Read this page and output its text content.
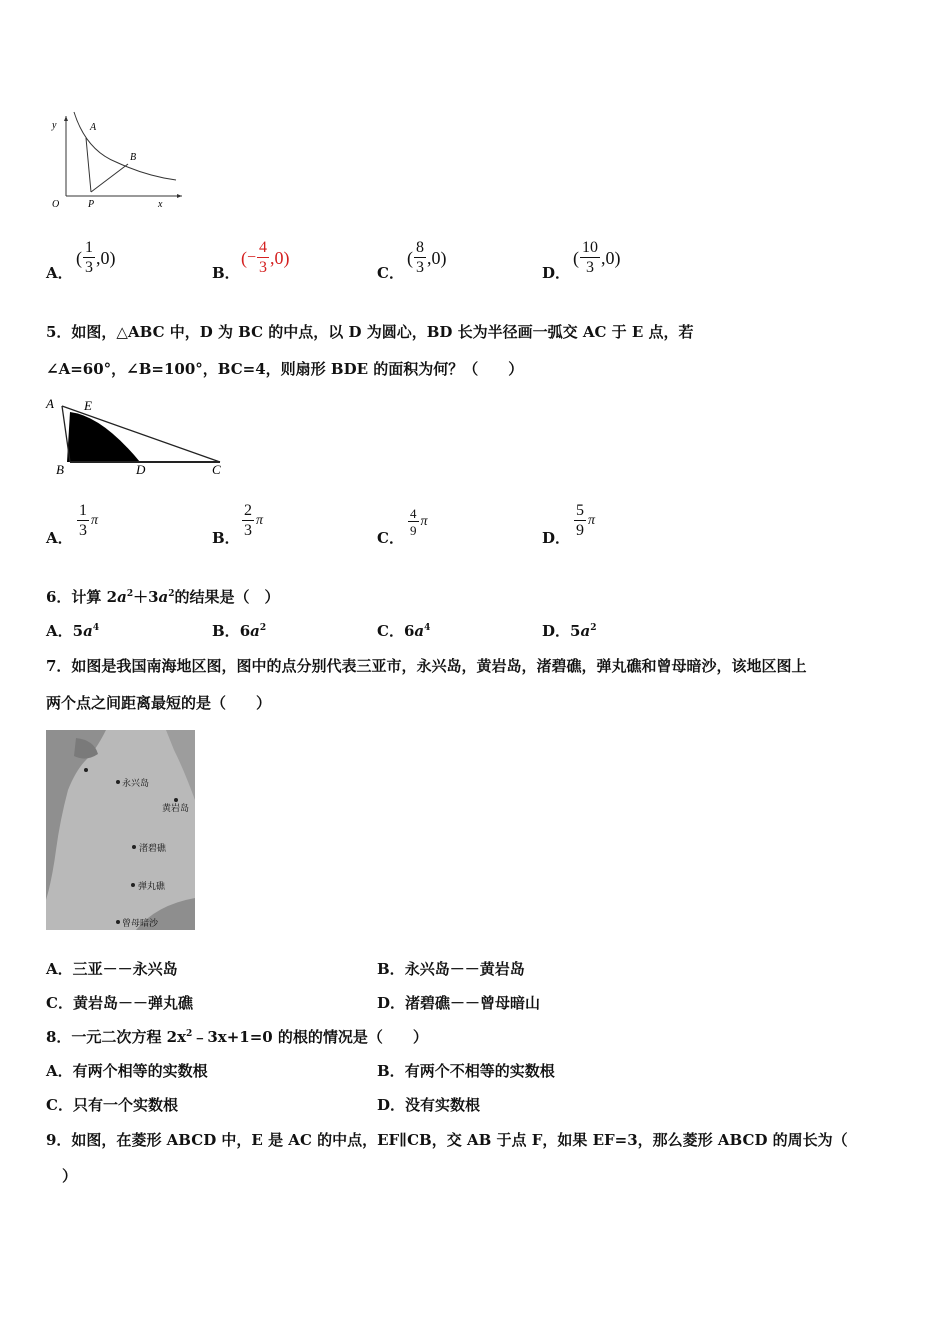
y
x
O
A
B
P
A．
( $\frac{1}{3} ,0$)
B．
( − $\frac{4}{3} ,0$)
C．
( $\frac{8}{3} ,0$)
D．
( $\frac{10}{3} ,0$)
5．如图，△ABC 中，D 为 BC 的中点，以 D 为圆心，BD 长为半径画一弧交 AC 于 E 点，若
∠A=60°，∠B=100°，BC=4，则扇形 BDE 的面积为何？（　　）
A E
B	D	C
A． $\frac{1}{3}$ π
B． $\frac{2}{3}$ π
C．
$\frac{4}{9}$ π
D． $\frac{5}{9}$ π
6．计算 $2a^2+3a^2$的结果是（　）
A．$5a^4$	B．$6a^2$	C．$6a^4$	D．$5a^2$
7．如图是我国南海地区图，图中的点分别代表三亚市，永兴岛，黄岩岛，渚碧礁，弹丸礁和曾母暗沙，该地区图上
两个点之间距离最短的是（　　）
永兴岛
黄岩岛
渚碧礁
弹丸礁
曾母暗沙
A．三亚－－永兴岛	B．永兴岛－－黄岩岛
C．黄岩岛－－弹丸礁	D．渚碧礁－－曾母暗山
8．一元二次方程 $2x^2﹣3x+1=0$ 的根的情况是（　　）
A．有两个相等的实数根	B．有两个不相等的实数根
C．只有一个实数根	D．没有实数根
9．如图，在菱形 ABCD 中，E 是 AC 的中点，EF∥CB，交 AB 于点 F，如果 EF=3，那么菱形 ABCD 的周长为（
）
